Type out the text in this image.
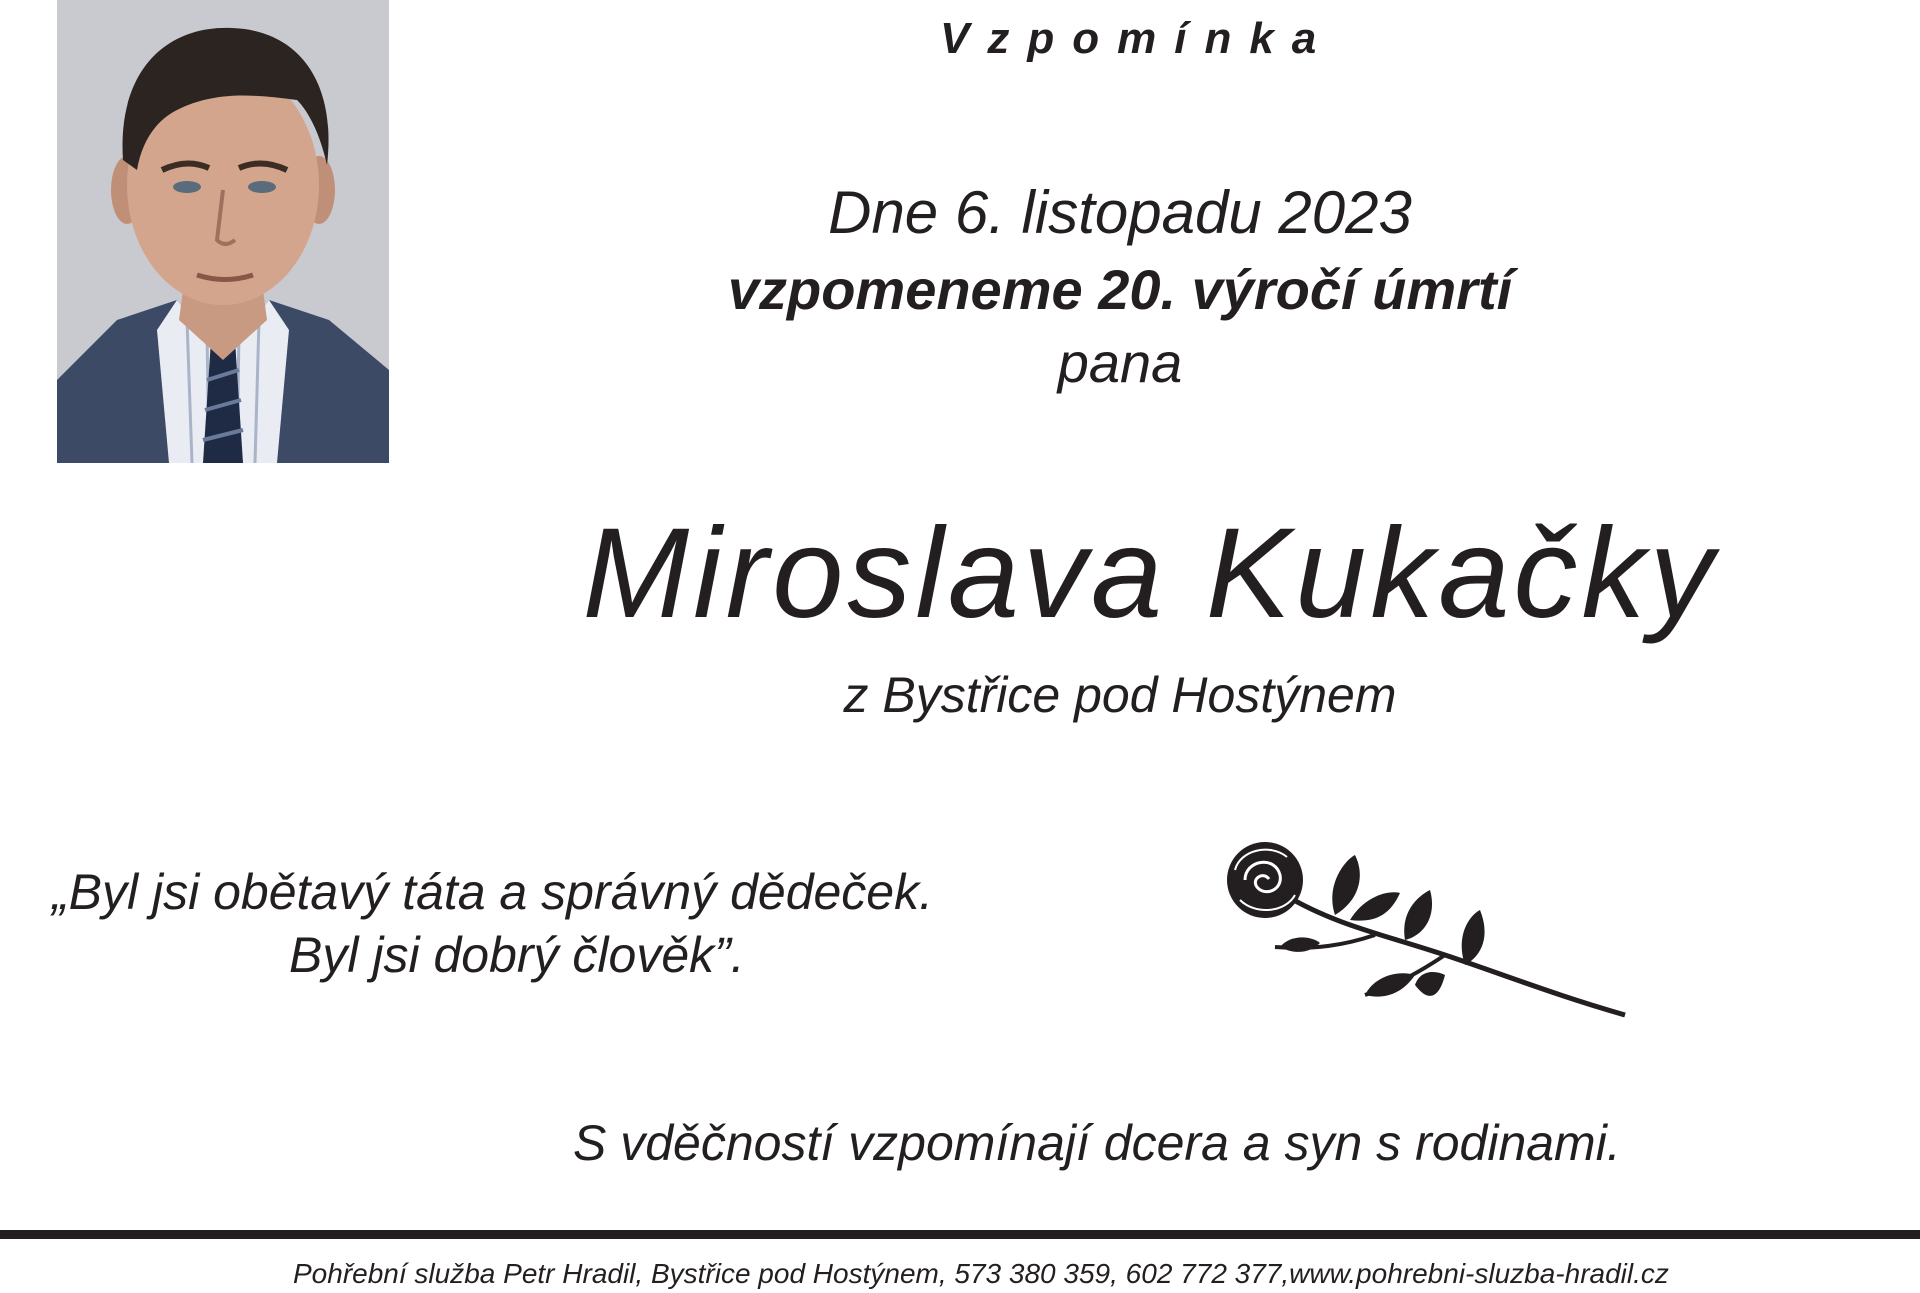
Vzpomínka
Dne 6. listopadu 2023
vzpomeneme 20. výročí úmrtí
pana
Miroslava Kukačky
z Bystřice pod Hostýnem
„Byl jsi obětavý táta a správný dědeček.
Byl jsi dobrý člověk”.
S vděčností vzpomínají dcera a syn s rodinami.
Pohřební služba Petr Hradil, Bystřice pod Hostýnem, 573 380 359, 602 772 377,www.pohrebni-sluzba-hradil.cz
